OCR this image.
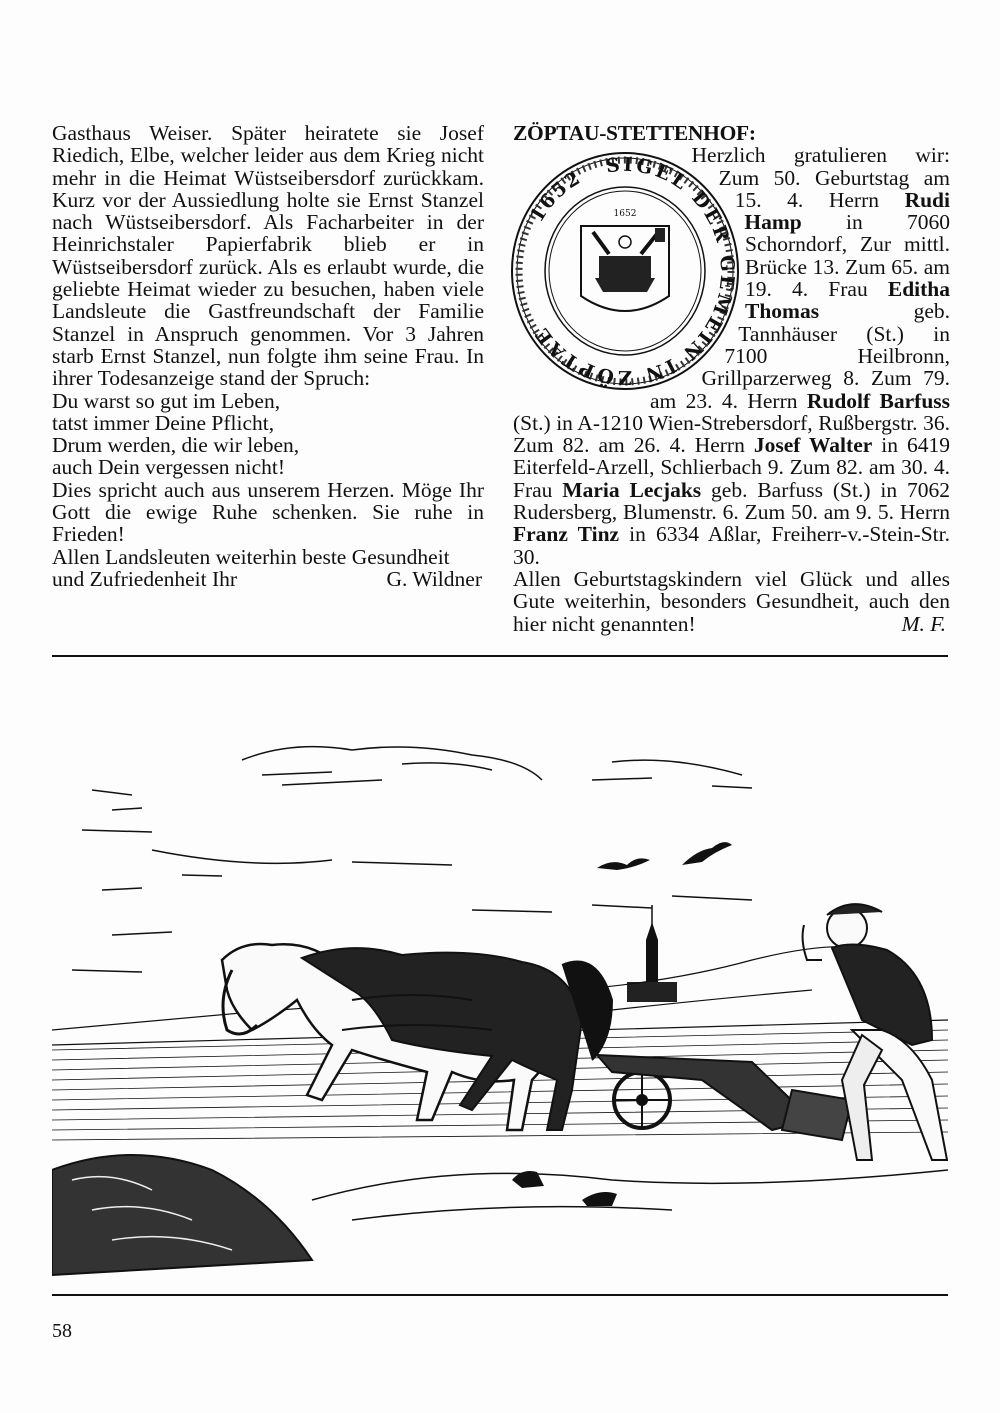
Gasthaus Weiser. Später heiratete sie Josef Riedich, Elbe, welcher leider aus dem Krieg nicht mehr in die Heimat Wüstseibersdorf zurückkam. Kurz vor der Aussiedlung holte sie Ernst Stanzel nach Wüstseibersdorf. Als Facharbeiter in der Heinrichstaler Papierfabrik blieb er in Wüstseibersdorf zurück. Als es erlaubt wurde, die geliebte Heimat wieder zu besuchen, haben viele Landsleute die Gastfreundschaft der Familie Stanzel in Anspruch genommen. Vor 3 Jahren starb Ernst Stanzel, nun folgte ihm seine Frau. In ihrer Todesanzeige stand der Spruch:

Du warst so gut im Leben,

tatst immer Deine Pflicht,

Drum werden, die wir leben,

auch Dein vergessen nicht!

Dies spricht auch aus unserem Herzen. Möge Ihr Gott die ewige Ruhe schenken. Sie ruhe in Frieden!

Allen Landsleuten weiterhin beste Gesundheit

und Zufriedenheit Ihr	G. Wildner

ZÖPTAU-STETTENHOF:

1652
SIGEL DER GEMEIN IN ZÖPTAE
1652

Herzlich gratulieren wir: Zum 50. Geburtstag am 15. 4. Herrn Rudi Hamp in 7060 Schorndorf, Zur mittl. Brücke 13. Zum 65. am 19. 4. Frau Editha Thomas geb. Tannhäuser (St.) in 7100 Heilbronn, Grillparzerweg 8. Zum 79. am 23. 4. Herrn Rudolf Barfuss (St.) in A-1210 Wien-Strebersdorf, Rußbergstr. 36. Zum 82. am 26. 4. Herrn Josef Walter in 6419 Eiterfeld-Arzell, Schlierbach 9. Zum 82. am 30. 4. Frau Maria Lecjaks geb. Barfuss (St.) in 7062 Rudersberg, Blumenstr. 6. Zum 50. am 9. 5. Herrn Franz Tinz in 6334 Aßlar, Freiherr-v.-Stein-Str. 30.

Allen Geburtstagskindern viel Glück und alles Gute weiterhin, besonders Gesundheit, auch den hier nicht genannten!	M. F.

58
